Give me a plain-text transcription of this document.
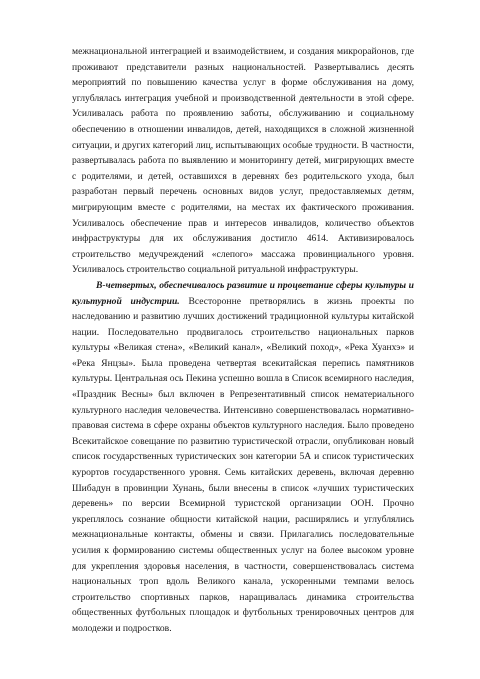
межнациональной интеграцией и взаимодействием, и создания микрорайонов, где проживают представители разных национальностей. Развертывались десять мероприятий по повышению качества услуг в форме обслуживания на дому, углублялась интеграция учебной и производственной деятельности в этой сфере. Усиливалась работа по проявлению заботы, обслуживанию и социальному обеспечению в отношении инвалидов, детей, находящихся в сложной жизненной ситуации, и других категорий лиц, испытывающих особые трудности. В частности, развертывалась работа по выявлению и мониторингу детей, мигрирующих вместе с родителями, и детей, оставшихся в деревнях без родительского ухода, был разработан первый перечень основных видов услуг, предоставляемых детям, мигрирующим вместе с родителями, на местах их фактического проживания. Усиливалось обеспечение прав и интересов инвалидов, количество объектов инфраструктуры для их обслуживания достигло 4614. Активизировалось строительство медучреждений «слепого» массажа провинциального уровня. Усиливалось строительство социальной ритуальной инфраструктуры.

В-четвертых, обеспечивалось развитие и процветание сферы культуры и культурной индустрии. Всесторонне претворялись в жизнь проекты по наследованию и развитию лучших достижений традиционной культуры китайской нации. Последовательно продвигалось строительство национальных парков культуры «Великая стена», «Великий канал», «Великий поход», «Река Хуанхэ» и «Река Янцзы». Была проведена четвертая всекитайская перепись памятников культуры. Центральная ось Пекина успешно вошла в Список всемирного наследия, «Праздник Весны» был включен в Репрезентативный список нематериального культурного наследия человечества. Интенсивно совершенствовалась нормативно-правовая система в сфере охраны объектов культурного наследия. Было проведено Всекитайское совещание по развитию туристической отрасли, опубликован новый список государственных туристических зон категории 5А и список туристических курортов государственного уровня. Семь китайских деревень, включая деревню Шибадун в провинции Хунань, были внесены в список «лучших туристических деревень» по версии Всемирной туристской организации ООН. Прочно укреплялось сознание общности китайской нации, расширялись и углублялись межнациональные контакты, обмены и связи. Прилагались последовательные усилия к формированию системы общественных услуг на более высоком уровне для укрепления здоровья населения, в частности, совершенствовалась система национальных троп вдоль Великого канала, ускоренными темпами велось строительство спортивных парков, наращивалась динамика строительства общественных футбольных площадок и футбольных тренировочных центров для молодежи и подростков.
